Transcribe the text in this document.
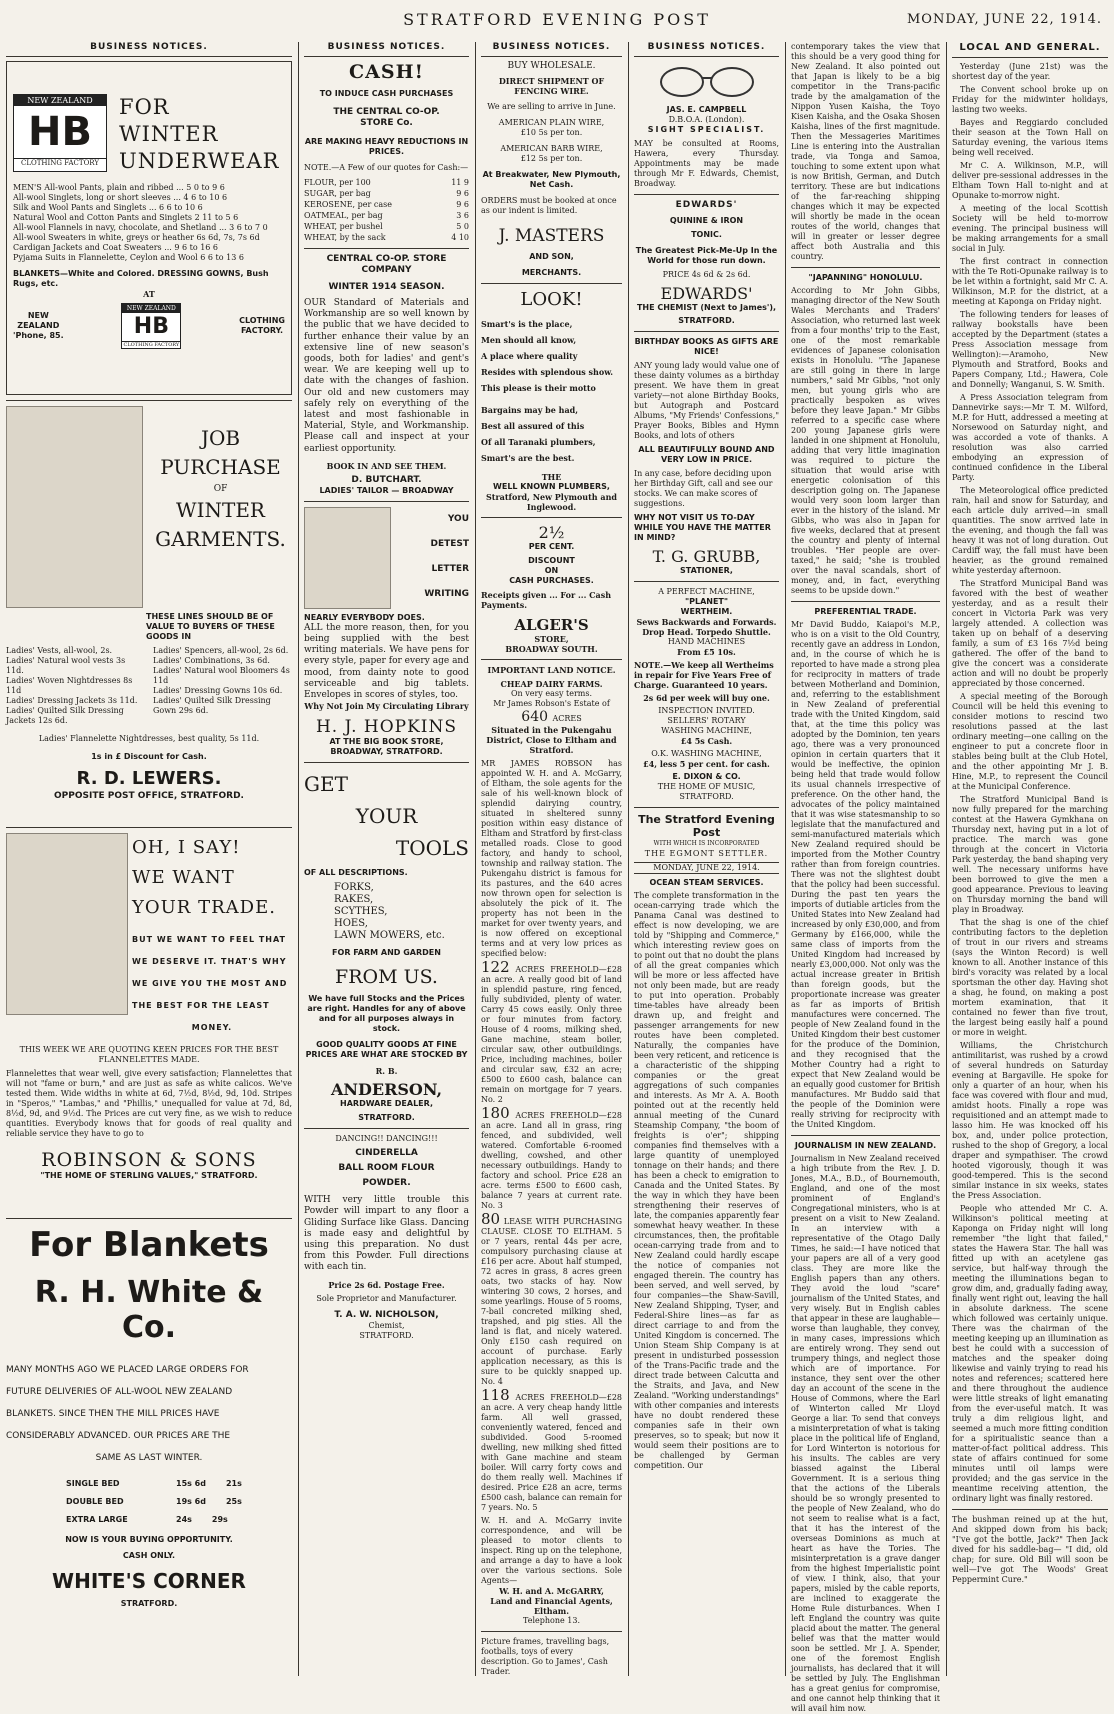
STRATFORD EVENING POST	MONDAY, JUNE 22, 1914.
BUSINESS NOTICES.
NEW ZEALAND
HB
CLOTHING FACTORY
FOR
WINTER
UNDERWEAR
MEN'S All-wool Pants, plain and ribbed ... 5 0 to 9 6
All-wool Singlets, long or short sleeves ... 4 6 to 10 6
Silk and Wool Pants and Singlets ... 6 6 to 10 6
Natural Wool and Cotton Pants and Singlets 2 11 to 5 6
All-wool Flannels in navy, chocolate, and Shetland ... 3 6 to 7 0
All-wool Sweaters in white, greys or heather 6s 6d, 7s, 7s 6d
Cardigan Jackets and Coat Sweaters ... 9 6 to 16 6
Pyjama Suits in Flannelette, Ceylon and Wool 6 6 to 13 6
BLANKETS—White and Colored. DRESSING GOWNS, Bush Rugs, etc.
AT
NEW
ZEALAND
'Phone, 85.
NEW ZEALAND
HB
CLOTHING FACTORY
CLOTHING
FACTORY.
JOB
PURCHASE
OF
WINTER
GARMENTS.
THESE LINES SHOULD BE OF VALUE TO BUYERS OF THESE GOODS IN
Ladies' Vests, all-wool, 2s.
Ladies' Natural wool vests 3s 11d.
Ladies' Woven Nightdresses 8s 11d
Ladies' Dressing Jackets 3s 11d.
Ladies' Quilted Silk Dressing Jackets 12s 6d.
Ladies' Spencers, all-wool, 2s 6d.
Ladies' Combinations, 3s 6d.
Ladies' Natural wool Bloomers 4s 11d
Ladies' Dressing Gowns 10s 6d.
Ladies' Quilted Silk Dressing Gown 29s 6d.
Ladies' Flannelette Nightdresses, best quality, 5s 11d.
1s in £ Discount for Cash.
R. D. LEWERS.
OPPOSITE POST OFFICE, STRATFORD.
OH, I SAY!
WE WANT
YOUR TRADE.
BUT WE WANT TO FEEL THAT
WE DESERVE IT. THAT'S WHY
WE GIVE YOU THE MOST AND
THE BEST FOR THE LEAST
MONEY.
THIS WEEK WE ARE QUOTING KEEN PRICES FOR THE BEST FLANNELETTES MADE.
Flannelettes that wear well, give every satisfaction; Flannelettes that will not "fame or burn," and are just as safe as white calicos. We've tested them. Wide widths in white at 6d, 7½d, 8½d, 9d, 10d. Stripes in "Speros," "Lambas," and "Phillis," unequalled for value at 7d, 8d, 8½d, 9d, and 9½d. The Prices are cut very fine, as we wish to reduce quantities. Everybody knows that for goods of real quality and reliable service they have to go to
ROBINSON & SONS
"THE HOME OF STERLING VALUES," STRATFORD.
For Blankets
R. H. White & Co.
MANY MONTHS AGO WE PLACED LARGE ORDERS FOR
FUTURE DELIVERIES OF ALL-WOOL NEW ZEALAND
BLANKETS. SINCE THEN THE MILL PRICES HAVE
CONSIDERABLY ADVANCED. OUR PRICES ARE THE
SAME AS LAST WINTER.
SINGLE BED	15s 6d	21s
DOUBLE BED	19s 6d	25s
EXTRA LARGE	24s	29s
NOW IS YOUR BUYING OPPORTUNITY.
CASH ONLY.
WHITE'S CORNER
STRATFORD.
BUSINESS NOTICES.
CASH!
TO INDUCE CASH PURCHASES
THE CENTRAL CO-OP.
STORE Co.
ARE MAKING HEAVY REDUCTIONS IN PRICES.
NOTE.—A Few of our quotes for Cash:—
FLOUR, per 100	11 9
SUGAR, per bag	9 6
KEROSENE, per case	9 6
OATMEAL, per bag	3 6
WHEAT, per bushel	5 0
WHEAT, by the sack	4 10
CENTRAL CO-OP. STORE COMPANY
WINTER 1914 SEASON.
OUR Standard of Materials and Workmanship are so well known by the public that we have decided to further enhance their value by an extensive line of new season's goods, both for ladies' and gent's wear. We are keeping well up to date with the changes of fashion. Our old and new customers may safely rely on everything of the latest and most fashionable in Material, Style, and Workmanship. Please call and inspect at your earliest opportunity.
BOOK IN AND SEE THEM.
D. BUTCHART.
LADIES' TAILOR — BROADWAY
YOU
DETEST
LETTER
WRITING
NEARLY EVERYBODY DOES.
ALL the more reason, then, for you being supplied with the best writing materials. We have pens for every style, paper for every age and mood, from dainty note to good serviceable and big tablets. Envelopes in scores of styles, too.
Why Not Join My Circulating Library
H. J. HOPKINS
AT THE BIG BOOK STORE, BROADWAY, STRATFORD.
GET
YOUR
TOOLS
OF ALL DESCRIPTIONS.
FORKS,
RAKES,
SCYTHES,
HOES,
LAWN MOWERS, etc.
FOR FARM AND GARDEN
FROM US.
We have full Stocks and the Prices are right. Handles for any of above and for all purposes always in stock.
GOOD QUALITY GOODS AT FINE PRICES ARE WHAT ARE STOCKED BY
R. B.
ANDERSON,
HARDWARE DEALER,
STRATFORD.
DANCING!! DANCING!!!
CINDERELLA
BALL ROOM FLOUR
POWDER.
WITH very little trouble this Powder will impart to any floor a Gliding Surface like Glass. Dancing is made easy and delightful by using this preparation. No dust from this Powder. Full directions with each tin.
Price 2s 6d. Postage Free.
Sole Proprietor and Manufacturer.
T. A. W. NICHOLSON,
Chemist,
STRATFORD.
BUSINESS NOTICES.
BUY WHOLESALE.
DIRECT SHIPMENT OF FENCING WIRE.
We are selling to arrive in June.
AMERICAN PLAIN WIRE,
£10 5s per ton.
AMERICAN BARB WIRE,
£12 5s per ton.
At Breakwater, New Plymouth, Net Cash.
ORDERS must be booked at once as our indent is limited.
J. MASTERS
AND SON,
MERCHANTS.
LOOK!
Smart's is the place,
Men should all know,
A place where quality
Resides with splendous show.
This please is their motto
Bargains may be had,
Best all assured of this
Of all Taranaki plumbers,
Smart's are the best.
THE
WELL KNOWN PLUMBERS,
Stratford, New Plymouth and Inglewood.
2½
PER CENT.
DISCOUNT
ON
CASH PURCHASES.
Receipts given ... For ... Cash Payments.
ALGER'S
STORE,
BROADWAY SOUTH.
IMPORTANT LAND NOTICE.
CHEAP DAIRY FARMS.
On very easy terms.
Mr James Robson's Estate of
640 ACRES
Situated in the Pukengahu District, Close to Eltham and Stratford.
MR JAMES ROBSON has appointed W. H. and A. McGarry, of Eltham, the sole agents for the sale of his well-known block of splendid dairying country, situated in sheltered sunny position within easy distance of Eltham and Stratford by first-class metalled roads. Close to good factory, and handy to school, township and railway station. The Pukengahu district is famous for its pastures, and the 640 acres now thrown open for selection is absolutely the pick of it. The property has not been in the market for over twenty years, and is now offered on exceptional terms and at very low prices as specified below:
122 ACRES FREEHOLD—£28 an acre. A really good bit of land in splendid pasture, ring fenced, fully subdivided, plenty of water. Carry 45 cows easily. Only three or four minutes from factory. House of 4 rooms, milking shed, Gane machine, steam boiler, circular saw, other outbuildings. Price, including machines, boiler and circular saw, £32 an acre; £500 to £600 cash, balance can remain on mortgage for 7 years. No. 2
180 ACRES FREEHOLD—£28 an acre. Land all in grass, ring fenced, and subdivided, well watered. Comfortable 6-roomed dwelling, cowshed, and other necessary outbuildings. Handy to factory and school. Price £28 an acre. terms £500 to £600 cash, balance 7 years at current rate. No. 3
80 LEASE WITH PURCHASING CLAUSE. CLOSE TO ELTHAM. 5 or 7 years, rental 44s per acre, compulsory purchasing clause at £16 per acre. About half stumped, 72 acres in grass, 8 acres green oats, two stacks of hay. Now wintering 30 cows, 2 horses, and some yearlings. House of 5 rooms, 7-bail concreted milking shed, trapshed, and pig sties. All the land is flat, and nicely watered. Only £150 cash required on account of purchase. Early application necessary, as this is sure to be quickly snapped up. No. 4
118 ACRES FREEHOLD—£28 an acre. A very cheap handy little farm. All well grassed, conveniently watered, fenced and subdivided. Good 5-roomed dwelling, new milking shed fitted with Gane machine and steam boiler. Will carry forty cows and do them really well. Machines if desired. Price £28 an acre, terms £500 cash, balance can remain for 7 years. No. 5
W. H. and A. McGarry invite correspondence, and will be pleased to motor clients to inspect. Ring up on the telephone, and arrange a day to have a look over the various sections. Sole Agents—
W. H. and A. McGARRY,
Land and Financial Agents, Eltham.
Telephone 13.
Picture frames, travelling bags, footballs, toys of every description. Go to James', Cash Trader.
BUSINESS NOTICES.
JAS. E. CAMPBELL
D.B.O.A. (London).
SIGHT SPECIALIST.
MAY be consulted at Rooms, Hawera, every Thursday. Appointments may be made through Mr F. Edwards, Chemist, Broadway.
EDWARDS'
QUININE & IRON
TONIC.
The Greatest Pick-Me-Up In the World for those run down.
PRICE 4s 6d & 2s 6d.
EDWARDS'
THE CHEMIST (Next to James'),
STRATFORD.
BIRTHDAY BOOKS AS GIFTS ARE NICE!
ANY young lady would value one of these dainty volumes as a birthday present. We have them in great variety—not alone Birthday Books, but Autograph and Postcard Albums, "My Friends' Confessions," Prayer Books, Bibles and Hymn Books, and lots of others
ALL BEAUTIFULLY BOUND AND VERY LOW IN PRICE.
In any case, before deciding upon her Birthday Gift, call and see our stocks. We can make scores of suggestions.
WHY NOT VISIT US TO-DAY WHILE YOU HAVE THE MATTER IN MIND?
T. G. GRUBB,
STATIONER,
A PERFECT MACHINE,
"PLANET"
WERTHEIM.
Sews Backwards and Forwards. Drop Head. Torpedo Shuttle.
HAND MACHINES
From £5 10s.
NOTE.—We keep all Wertheims in repair for Five Years Free of Charge. Guaranteed 10 years.
2s 6d per week will buy one.
INSPECTION INVITED.
SELLERS' ROTARY
WASHING MACHINE,
£4 5s Cash.
O.K. WASHING MACHINE,
£4, less 5 per cent. for cash.
E. DIXON & CO.
THE HOME OF MUSIC,
STRATFORD.
The Stratford Evening Post
WITH WHICH IS INCORPORATED
THE EGMONT SETTLER.
MONDAY, JUNE 22, 1914.
OCEAN STEAM SERVICES.
The complete transformation in the ocean-carrying trade which the Panama Canal was destined to effect is now developing, we are told by "Shipping and Commerce," which interesting review goes on to point out that no doubt the plans of all the great companies which will be more or less affected have not only been made, but are ready to put into operation. Probably time-tables have already been drawn up, and freight and passenger arrangements for new routes have been completed. Naturally, the companies have been very reticent, and reticence is a characteristic of the shipping companies or the great aggregations of such companies and interests. As Mr A. A. Booth pointed out at the recently held annual meeting of the Cunard Steamship Company, "the boom of freights is o'er"; shipping companies find themselves with a large quantity of unemployed tonnage on their hands; and there has been a check to emigration to Canada and the United States. By the way in which they have been strengthening their reserves of late, the companies apparently fear somewhat heavy weather. In these circumstances, then, the profitable ocean-carrying trade from and to New Zealand could hardly escape the notice of companies not engaged therein. The country has been served, and well served, by four companies—the Shaw-Savill, New Zealand Shipping, Tyser, and Federal-Shire lines—as far as direct carriage to and from the United Kingdom is concerned. The Union Steam Ship Company is at present in undisturbed possession of the Trans-Pacific trade and the direct trade between Calcutta and the Straits, and Java, and New Zealand. "Working understandings" with other companies and interests have no doubt rendered these companies safe in their own preserves, so to speak; but now it would seem their positions are to be challenged by German competition. Our
contemporary takes the view that this should be a very good thing for New Zealand. It also pointed out that Japan is likely to be a big competitor in the Trans-pacific trade by the amalgamation of the Nippon Yusen Kaisha, the Toyo Kisen Kaisha, and the Osaka Shosen Kaisha, lines of the first magnitude. Then the Messageries Maritimes Line is entering into the Australian trade, via Tonga and Samoa, touching to some extent upon what is now British, German, and Dutch territory. These are but indications of the far-reaching shipping changes which it may be expected will shortly be made in the ocean routes of the world, changes that will in greater or lesser degree affect both Australia and this country.
"JAPANNING" HONOLULU.
According to Mr John Gibbs, managing director of the New South Wales Merchants and Traders' Association, who returned last week from a four months' trip to the East, one of the most remarkable evidences of Japanese colonisation exists in Honolulu. "The Japanese are still going in there in large numbers," said Mr Gibbs, "not only men, but young girls who are practically bespoken as wives before they leave Japan." Mr Gibbs referred to a specific case where 200 young Japanese girls were landed in one shipment at Honolulu, adding that very little imagination was required to picture the situation that would arise with energetic colonisation of this description going on. The Japanese would very soon loom larger than ever in the history of the island. Mr Gibbs, who was also in Japan for five weeks, declared that at present the country and plenty of internal troubles. "Her people are over-taxed," he said; "she is troubled over the naval scandals, short of money, and, in fact, everything seems to be upside down."
PREFERENTIAL TRADE.
Mr David Buddo, Kaiapoi's M.P., who is on a visit to the Old Country, recently gave an address in London, and, in the course of which he is reported to have made a strong plea for reciprocity in matters of trade between Motherland and Dominion, and, referring to the establishment in New Zealand of preferential trade with the United Kingdom, said that, at the time this policy was adopted by the Dominion, ten years ago, there was a very pronounced opinion in certain quarters that it would be ineffective, the opinion being held that trade would follow its usual channels irrespective of preference. On the other hand, the advocates of the policy maintained that it was wise statesmanship to so legislate that the manufactured and semi-manufactured materials which New Zealand required should be imported from the Mother Country rather than from foreign countries. There was not the slightest doubt that the policy had been successful. During the past ten years the imports of dutiable articles from the United States into New Zealand had increased by only £30,000, and from Germany by £166,000, while the same class of imports from the United Kingdom had increased by nearly £3,000,000. Not only was the actual increase greater in British than foreign goods, but the proportionate increase was greater as far as imports of British manufactures were concerned. The people of New Zealand found in the United Kingdom their best customer for the produce of the Dominion, and they recognised that the Mother Country had a right to expect that New Zealand would be an equally good customer for British manufactures. Mr Buddo said that the people of the Dominion were really striving for reciprocity with the United Kingdom.
JOURNALISM IN NEW ZEALAND.
Journalism in New Zealand received a high tribute from the Rev. J. D. Jones, M.A., B.D., of Bournemouth, England, and one of the most prominent of England's Congregational ministers, who is at present on a visit to New Zealand. In an interview with a representative of the Otago Daily Times, he said:—I have noticed that your papers are all of a very good class. They are more like the English papers than any others. They avoid the loud "scare" journalism of the United States, and very wisely. But in English cables that appear in these are laughable—worse than laughable, they convey, in many cases, impressions which are entirely wrong. They send out trumpery things, and neglect those which are of importance. For instance, they sent over the other day an account of the scene in the House of Commons, where the Earl of Winterton called Mr Lloyd George a liar. To send that conveys a misinterpretation of what is taking place in the political life of England, for Lord Winterton is notorious for his insults. The cables are very biassed against the Liberal Government. It is a serious thing that the actions of the Liberals should be so wrongly presented to the people of New Zealand, who do not seem to realise what is a fact, that it has the interest of the overseas Dominions as much at heart as have the Tories. The misinterpretation is a grave danger from the highest Imperialistic point of view. I think, also, that your papers, misled by the cable reports, are inclined to exaggerate the Home Rule disturbances. When I left England the country was quite placid about the matter. The general belief was that the matter would soon be settled. Mr J. A. Spender, one of the foremost English journalists, has declared that it will be settled by July. The Englishman has a great genius for compromise, and one cannot help thinking that it will avail him now.
LOCAL AND GENERAL.
Yesterday (June 21st) was the shortest day of the year.
The Convent school broke up on Friday for the midwinter holidays, lasting two weeks.
Bayes and Reggiardo concluded their season at the Town Hall on Saturday evening, the various items being well received.
Mr C. A. Wilkinson, M.P., will deliver pre-sessional addresses in the Eltham Town Hall to-night and at Opunake to-morrow night.
A meeting of the local Scottish Society will be held to-morrow evening. The principal business will be making arrangements for a small social in July.
The first contract in connection with the Te Roti-Opunake railway is to be let within a fortnight, said Mr C. A. Wilkinson, M.P. for the district, at a meeting at Kaponga on Friday night.
The following tenders for leases of railway bookstalls have been accepted by the Department (states a Press Association message from Wellington):—Aramoho, New Plymouth and Stratford, Books and Papers Company, Ltd.; Hawera, Cole and Donnelly; Wanganui, S. W. Smith.
A Press Association telegram from Dannevirke says:—Mr T. M. Wilford, M.P. for Hutt, addressed a meeting at Norsewood on Saturday night, and was accorded a vote of thanks. A resolution was also carried embodying an expression of continued confidence in the Liberal Party.
The Meteorological office predicted rain, hail and snow for Saturday, and each article duly arrived—in small quantities. The snow arrived late in the evening, and though the fall was heavy it was not of long duration. Out Cardiff way, the fall must have been heavier, as the ground remained white yesterday afternoon.
The Stratford Municipal Band was favored with the best of weather yesterday, and as a result their concert in Victoria Park was very largely attended. A collection was taken up on behalf of a deserving family, a sum of £3 16s 7½d being gathered. The offer of the band to give the concert was a considerate action and will no doubt be properly appreciated by those concerned.
A special meeting of the Borough Council will be held this evening to consider motions to rescind two resolutions passed at the last ordinary meeting—one calling on the engineer to put a concrete floor in stables being built at the Club Hotel, and the other appointing Mr J. B. Hine, M.P., to represent the Council at the Municipal Conference.
The Stratford Municipal Band is now fully prepared for the marching contest at the Hawera Gymkhana on Thursday next, having put in a lot of practice. The march was gone through at the concert in Victoria Park yesterday, the band shaping very well. The necessary uniforms have been borrowed to give the men a good appearance. Previous to leaving on Thursday morning the band will play in Broadway.
That the shag is one of the chief contributing factors to the depletion of trout in our rivers and streams (says the Winton Record) is well known to all. Another instance of this bird's voracity was related by a local sportsman the other day. Having shot a shag, he found, on making a post mortem examination, that it contained no fewer than five trout, the largest being easily half a pound or more in weight.
Williams, the Christchurch antimilitarist, was rushed by a crowd of several hundreds on Saturday evening at Bargaville. He spoke for only a quarter of an hour, when his face was covered with flour and mud, amidst hoots. Finally a rope was requisitioned and an attempt made to lasso him. He was knocked off his box, and, under police protection, rushed to the shop of Gregory, a local draper and sympathiser. The crowd hooted vigorously, though it was good-tempered. This is the second similar instance in six weeks, states the Press Association.
People who attended Mr C. A. Wilkinson's political meeting at Kaponga on Friday night will long remember "the light that failed," states the Hawera Star. The hall was fitted up with an acetylene gas service, but half-way through the meeting the illuminations began to grow dim, and, gradually fading away, finally went right out, leaving the hall in absolute darkness. The scene which followed was certainly unique. There was the chairman of the meeting keeping up an illumination as best he could with a succession of matches and the speaker doing likewise and vainly trying to read his notes and references; scattered here and there throughout the audience were little streaks of light emanating from the ever-useful match. It was truly a dim religious light, and seemed a much more fitting condition for a spiritualistic seance than a matter-of-fact political address. This state of affairs continued for some minutes until oil lamps were provided; and the gas service in the meantime receiving attention, the ordinary light was finally restored.
The bushman reined up at the hut, And skipped down from his back; "I've got the bottle, Jack?" Then Jack dived for his saddle-bag— "I did, old chap; for sure. Old Bill will soon be well—I've got The Woods' Great Peppermint Cure."
